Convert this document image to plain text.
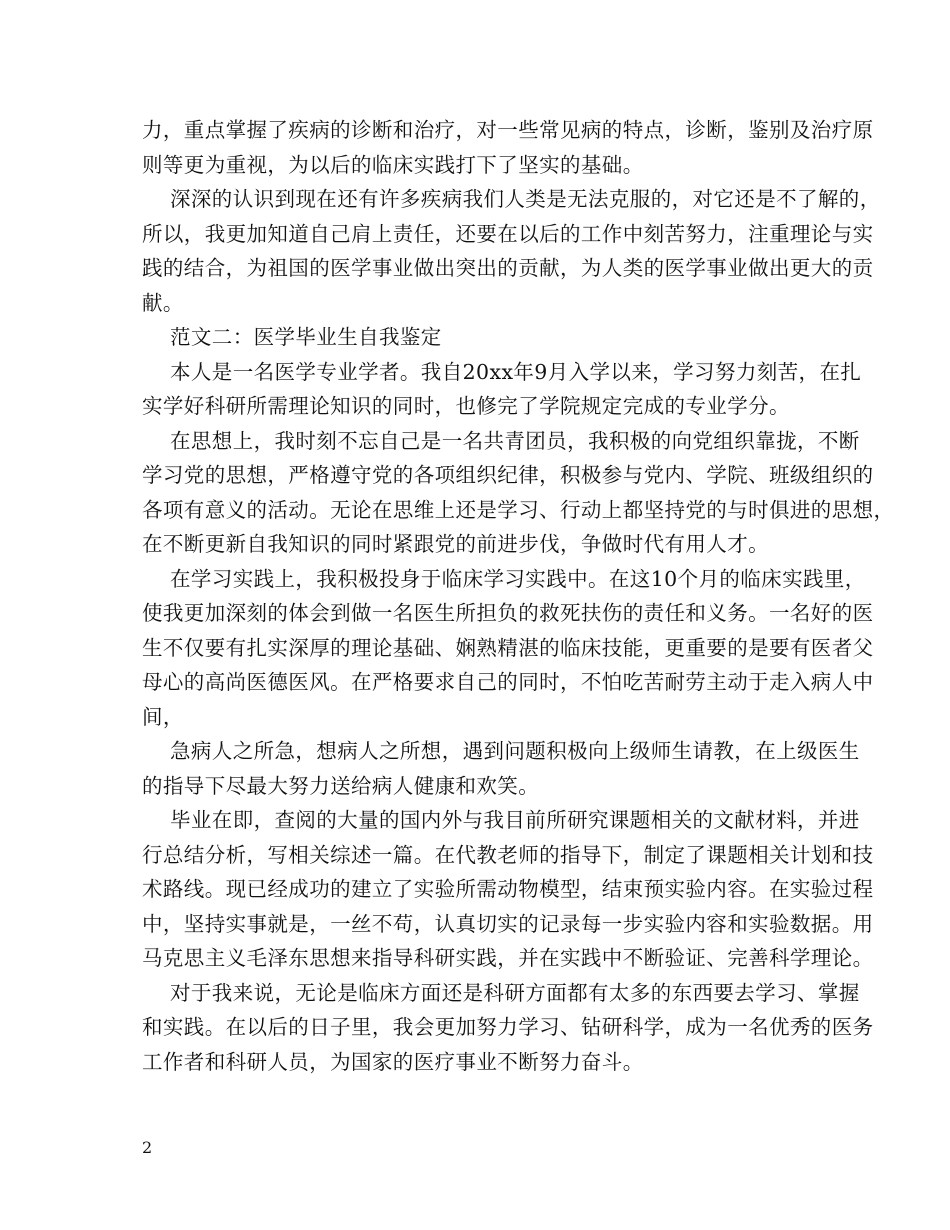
力，重点掌握了疾病的诊断和治疗，对一些常见病的特点，诊断，鉴别及治疗原
则等更为重视，为以后的临床实践打下了坚实的基础。

深深的认识到现在还有许多疾病我们人类是无法克服的，对它还是不了解的，
所以，我更加知道自己肩上责任，还要在以后的工作中刻苦努力，注重理论与实
践的结合，为祖国的医学事业做出突出的贡献，为人类的医学事业做出更大的贡
献。

范文二：医学毕业生自我鉴定

本人是一名医学专业学者。我自20xx年9月入学以来，学习努力刻苦，在扎
实学好科研所需理论知识的同时，也修完了学院规定完成的专业学分。

在思想上，我时刻不忘自己是一名共青团员，我积极的向党组织靠拢，不断
学习党的思想，严格遵守党的各项组织纪律，积极参与党内、学院、班级组织的
各项有意义的活动。无论在思维上还是学习、行动上都坚持党的与时俱进的思想，
在不断更新自我知识的同时紧跟党的前进步伐，争做时代有用人才。

在学习实践上，我积极投身于临床学习实践中。在这10个月的临床实践里，
使我更加深刻的体会到做一名医生所担负的救死扶伤的责任和义务。一名好的医
生不仅要有扎实深厚的理论基础、娴熟精湛的临床技能，更重要的是要有医者父
母心的高尚医德医风。在严格要求自己的同时，不怕吃苦耐劳主动于走入病人中
间，

急病人之所急，想病人之所想，遇到问题积极向上级师生请教，在上级医生
的指导下尽最大努力送给病人健康和欢笑。

毕业在即，查阅的大量的国内外与我目前所研究课题相关的文献材料，并进
行总结分析，写相关综述一篇。在代教老师的指导下，制定了课题相关计划和技
术路线。现已经成功的建立了实验所需动物模型，结束预实验内容。在实验过程
中，坚持实事就是，一丝不苟，认真切实的记录每一步实验内容和实验数据。用
马克思主义毛泽东思想来指导科研实践，并在实践中不断验证、完善科学理论。

对于我来说，无论是临床方面还是科研方面都有太多的东西要去学习、掌握
和实践。在以后的日子里，我会更加努力学习、钻研科学，成为一名优秀的医务
工作者和科研人员，为国家的医疗事业不断努力奋斗。

2
